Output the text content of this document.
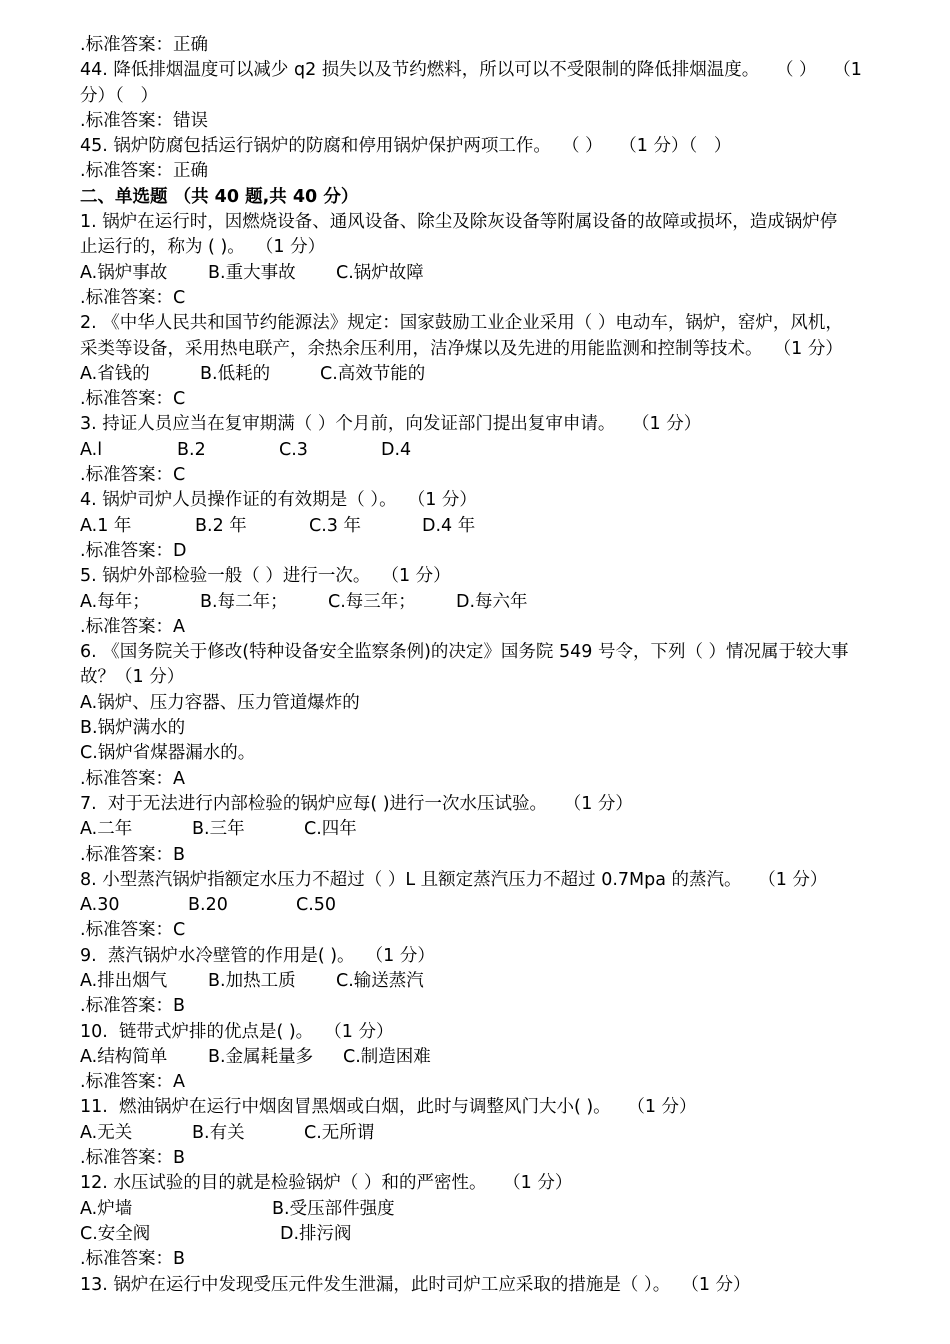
.标准答案：正确
44. 降低排烟温度可以减少 q2 损失以及节约燃料，所以可以不受限制的降低排烟温度。   （ ）   （1
分）（   ）
.标准答案：错误
45. 锅炉防腐包括运行锅炉的防腐和停用锅炉保护两项工作。  （ ）   （1 分）（   ）
.标准答案：正确
二、单选题 （共 40 题,共 40 分）
1. 锅炉在运行时，因燃烧设备、通风设备、除尘及除灰设备等附属设备的故障或损坏，造成锅炉停
止运行的，称为 ( )。  （1 分）
A.锅炉事故 B.重大事故 C.锅炉故障
.标准答案：C
2. 《中华人民共和国节约能源法》规定：国家鼓励工业企业采用（ ）电动车，锅炉，窑炉，风机，
采类等设备，采用热电联产，余热余压利用，洁净煤以及先进的用能监测和控制等技术。  （1 分）
A.省钱的	B.低耗的	C.高效节能的
.标准答案：C
3. 持证人员应当在复审期满（ ）个月前，向发证部门提出复审申请。   （1 分）
A.l	B.2	C.3	D.4
.标准答案：C
4. 锅炉司炉人员操作证的有效期是（ ）。  （1 分）
A.1 年	B.2 年	C.3 年	D.4 年
.标准答案：D
5. 锅炉外部检验一般（ ）进行一次。  （1 分）
A.每年；	B.每二年； C.每三年； D.每六年
.标准答案：A
6. 《国务院关于修改(特种设备安全监察条例)的决定》国务院 549 号令，下列（ ）情况属于较大事
故？（1 分）
A.锅炉、压力容器、压力管道爆炸的
B.锅炉满水的
C.锅炉省煤器漏水的。
.标准答案：A
7.  对于无法进行内部检验的锅炉应每( )进行一次水压试验。   （1 分）
A.二年	B.三年	C.四年
.标准答案：B
8. 小型蒸汽锅炉指额定水压力不超过（ ）L 且额定蒸汽压力不超过 0.7Mpa 的蒸汽。   （1 分）
A.30	B.20	C.50
.标准答案：C
9.  蒸汽锅炉水冷壁管的作用是( )。  （1 分）
A.排出烟气 B.加热工质 C.输送蒸汽
.标准答案：B
10.  链带式炉排的优点是( )。  （1 分）
A.结构简单 B.金属耗量多 C.制造困难
.标准答案：A
11.  燃油锅炉在运行中烟囱冒黑烟或白烟，此时与调整风门大小( )。   （1 分）
A.无关	B.有关	C.无所谓
.标准答案：B
12. 水压试验的目的就是检验锅炉（ ）和的严密性。   （1 分）
A.炉墙	B.受压部件强度
C.安全阀	D.排污阀
.标准答案：B
13. 锅炉在运行中发现受压元件发生泄漏，此时司炉工应采取的措施是（ ）。  （1 分）
